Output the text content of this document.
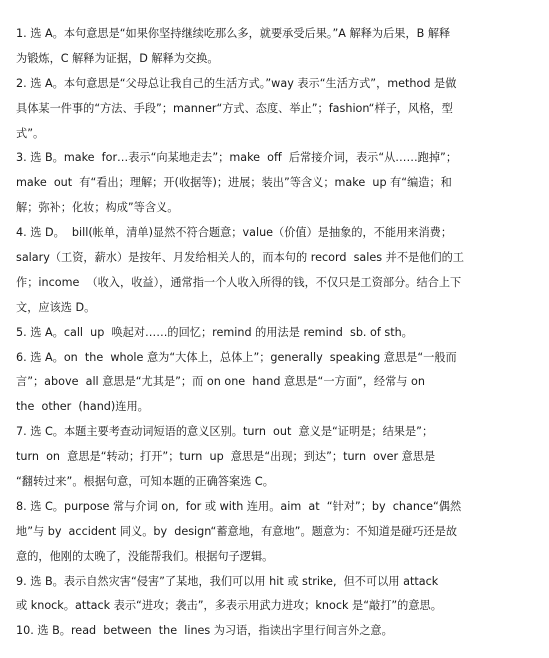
1. 选 A。本句意思是“如果你坚持继续吃那么多，就要承受后果。”A 解释为后果，B 解释
为锻炼，C 解释为证据，D 解释为交换。
2. 选 A。本句意思是“父母总让我自己的生活方式。”way 表示“生活方式”，method 是做
具体某一件事的“方法、手段”；manner“方式、态度、举止”；fashion“样子，风格，型
式”。
3. 选 B。make  for…表示“向某地走去”；make  off  后常接介词，表示“从……跑掉”；
make  out  有“看出；理解；开(收据等)；进展；装出”等含义；make  up 有“编造；和
解；弥补；化妆；构成”等含义。
4. 选 D。  bill(帐单，清单)显然不符合题意；value（价值）是抽象的，不能用来消费；
salary（工资，薪水）是按年、月发给相关人的，而本句的 record  sales 并不是他们的工
作；income  （收入，收益），通常指一个人收入所得的钱，不仅只是工资部分。结合上下
文，应该选 D。
5. 选 A。call  up  唤起对……的回忆；remind 的用法是 remind  sb. of sth。
6. 选 A。on  the  whole 意为“大体上，总体上”；generally  speaking 意思是“一般而
言”；above  all 意思是“尤其是”；而 on one  hand 意思是“一方面”，经常与 on
the  other  (hand)连用。
7. 选 C。本题主要考查动词短语的意义区别。turn  out  意义是“证明是；结果是”；
turn  on  意思是“转动；打开”；turn  up  意思是“出现；到达”；turn  over 意思是
“翻转过来”。根据句意，可知本题的正确答案选 C。
8. 选 C。purpose 常与介词 on,  for 或 with 连用。aim  at  “针对”；by  chance“偶然
地”与 by  accident 同义。by  design“蓄意地，有意地”。题意为：不知道是碰巧还是故
意的，他刚的太晚了，没能帮我们。根据句子逻辑。
9. 选 B。表示自然灾害“侵害”了某地，我们可以用 hit 或 strike,  但不可以用 attack
或 knock。attack 表示“进攻；袭击”，多表示用武力进攻；knock 是“敲打”的意思。
10. 选 B。read  between  the  lines 为习语，指读出字里行间言外之意。
